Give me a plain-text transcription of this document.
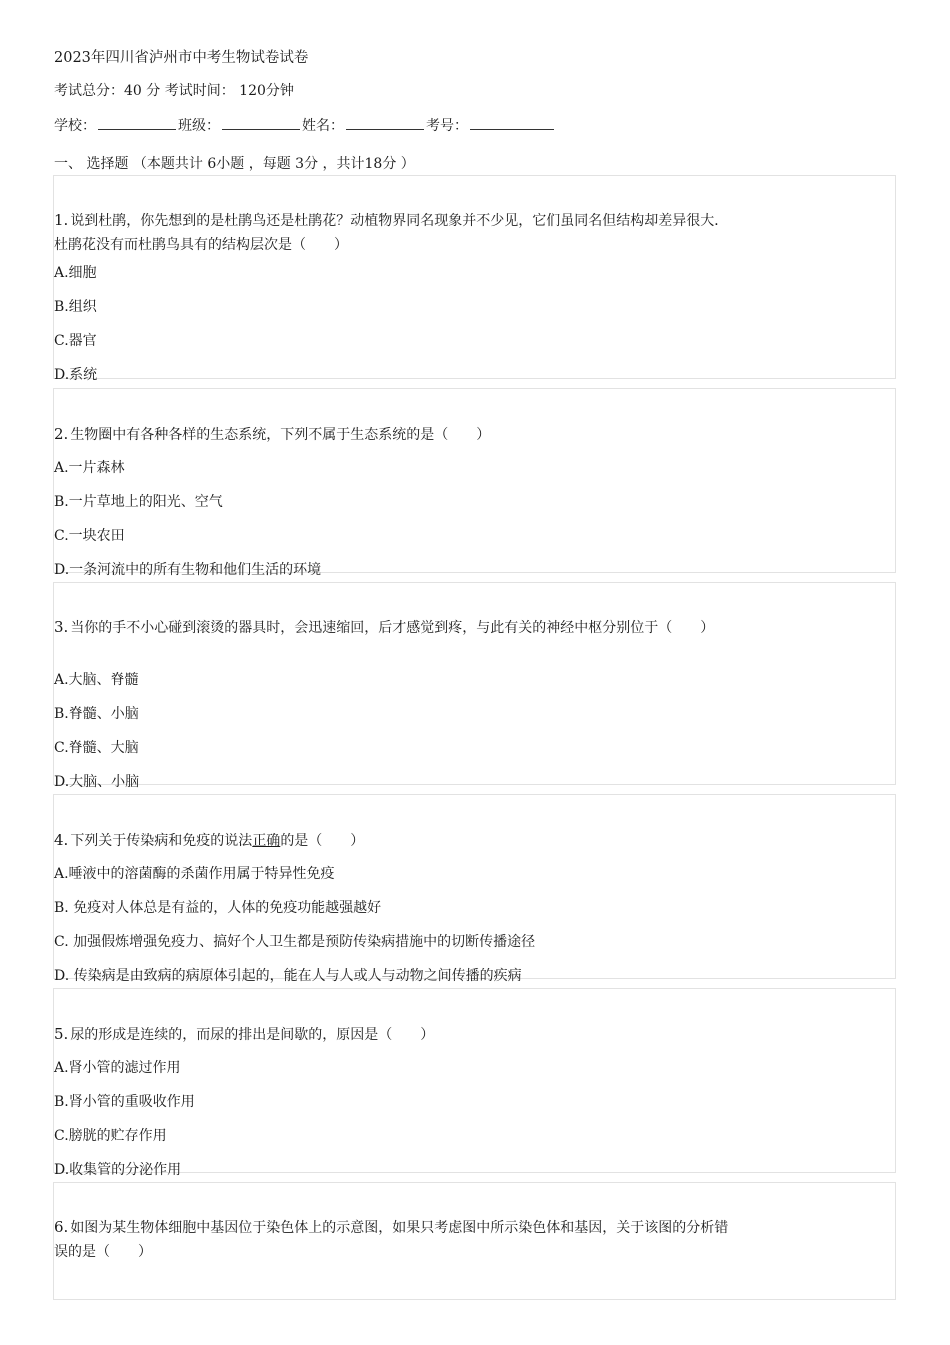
2023年四川省泸州市中考生物试卷试卷
考试总分：40 分 考试时间： 120分钟
学校：	班级：	姓名：	考号：
一、 选择题 （本题共计 6小题 ，每题 3分 ，共计18分 ）
1. 说到杜鹃，你先想到的是杜鹃鸟还是杜鹃花？动植物界同名现象并不少见，它们虽同名但结构却差异很大．杜鹃花没有而杜鹃鸟具有的结构层次是（　　）
A.细胞
B.组织
C.器官
D.系统
2. 生物圈中有各种各样的生态系统，下列不属于生态系统的是（　　）
A.一片森林
B.一片草地上的阳光、空气
C.一块农田
D.一条河流中的所有生物和他们生活的环境
3. 当你的手不小心碰到滚烫的器具时，会迅速缩回，后才感觉到疼，与此有关的神经中枢分别位于（　　）
A.大脑、脊髓
B.脊髓、小脑
C.脊髓、大脑
D.大脑、小脑
4. 下列关于传染病和免疫的说法正确的是（　　）
A.唾液中的溶菌酶的杀菌作用属于特异性免疫
B. 免疫对人体总是有益的，人体的免疫功能越强越好
C. 加强假炼增强免疫力、搞好个人卫生都是预防传染病措施中的切断传播途径
D. 传染病是由致病的病原体引起的，能在人与人或人与动物之间传播的疾病
5. 尿的形成是连续的，而尿的排出是间歇的，原因是（　　）
A.肾小管的滤过作用
B.肾小管的重吸收作用
C.膀胱的贮存作用
D.收集管的分泌作用
6. 如图为某生物体细胞中基因位于染色体上的示意图，如果只考虑图中所示染色体和基因，关于该图的分析错误的是（　　）
